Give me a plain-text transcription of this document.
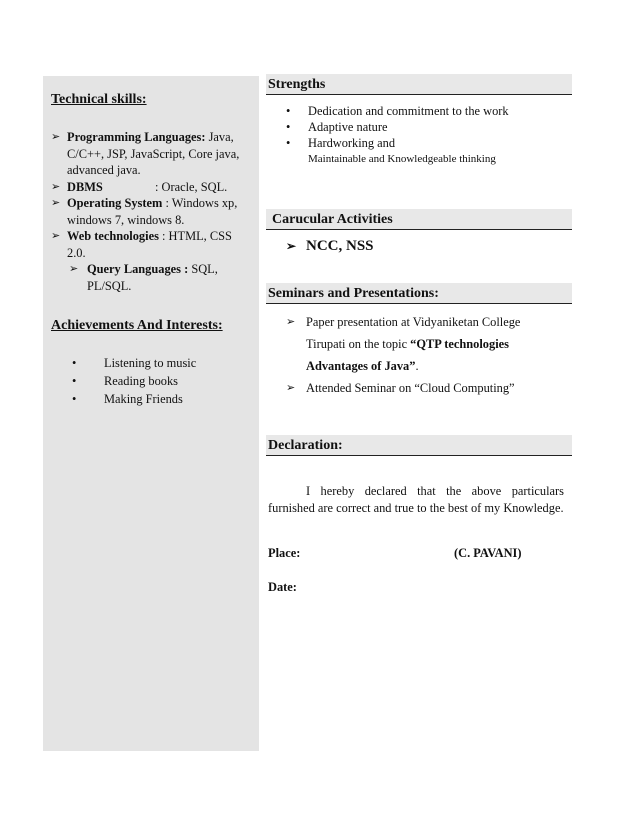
Technical skills:
➢ Programming Languages: Java, C/C++, JSP, JavaScript, Core java, advanced java.
➢ DBMS	: Oracle, SQL.
➢ Operating System : Windows xp, windows 7, windows 8.
➢ Web technologies : HTML, CSS 2.0.
➢ Query Languages : SQL, PL/SQL.
Achievements And Interests:
• Listening to music
• Reading books
• Making Friends
Strengths
• Dedication and commitment to the work
• Adaptive nature
• Hardworking and
Maintainable and Knowledgeable thinking
Carucular Activities
➢ NCC, NSS
Seminars and Presentations:
➢ Paper presentation at Vidyaniketan College
Tirupati on the topic “QTP technologies
Advantages of Java”.
➢ Attended Seminar on “Cloud Computing”
Declaration:
I hereby declared that the above particulars furnished are correct and true to the best of my Knowledge.
Place:	(C. PAVANI)
Date:
